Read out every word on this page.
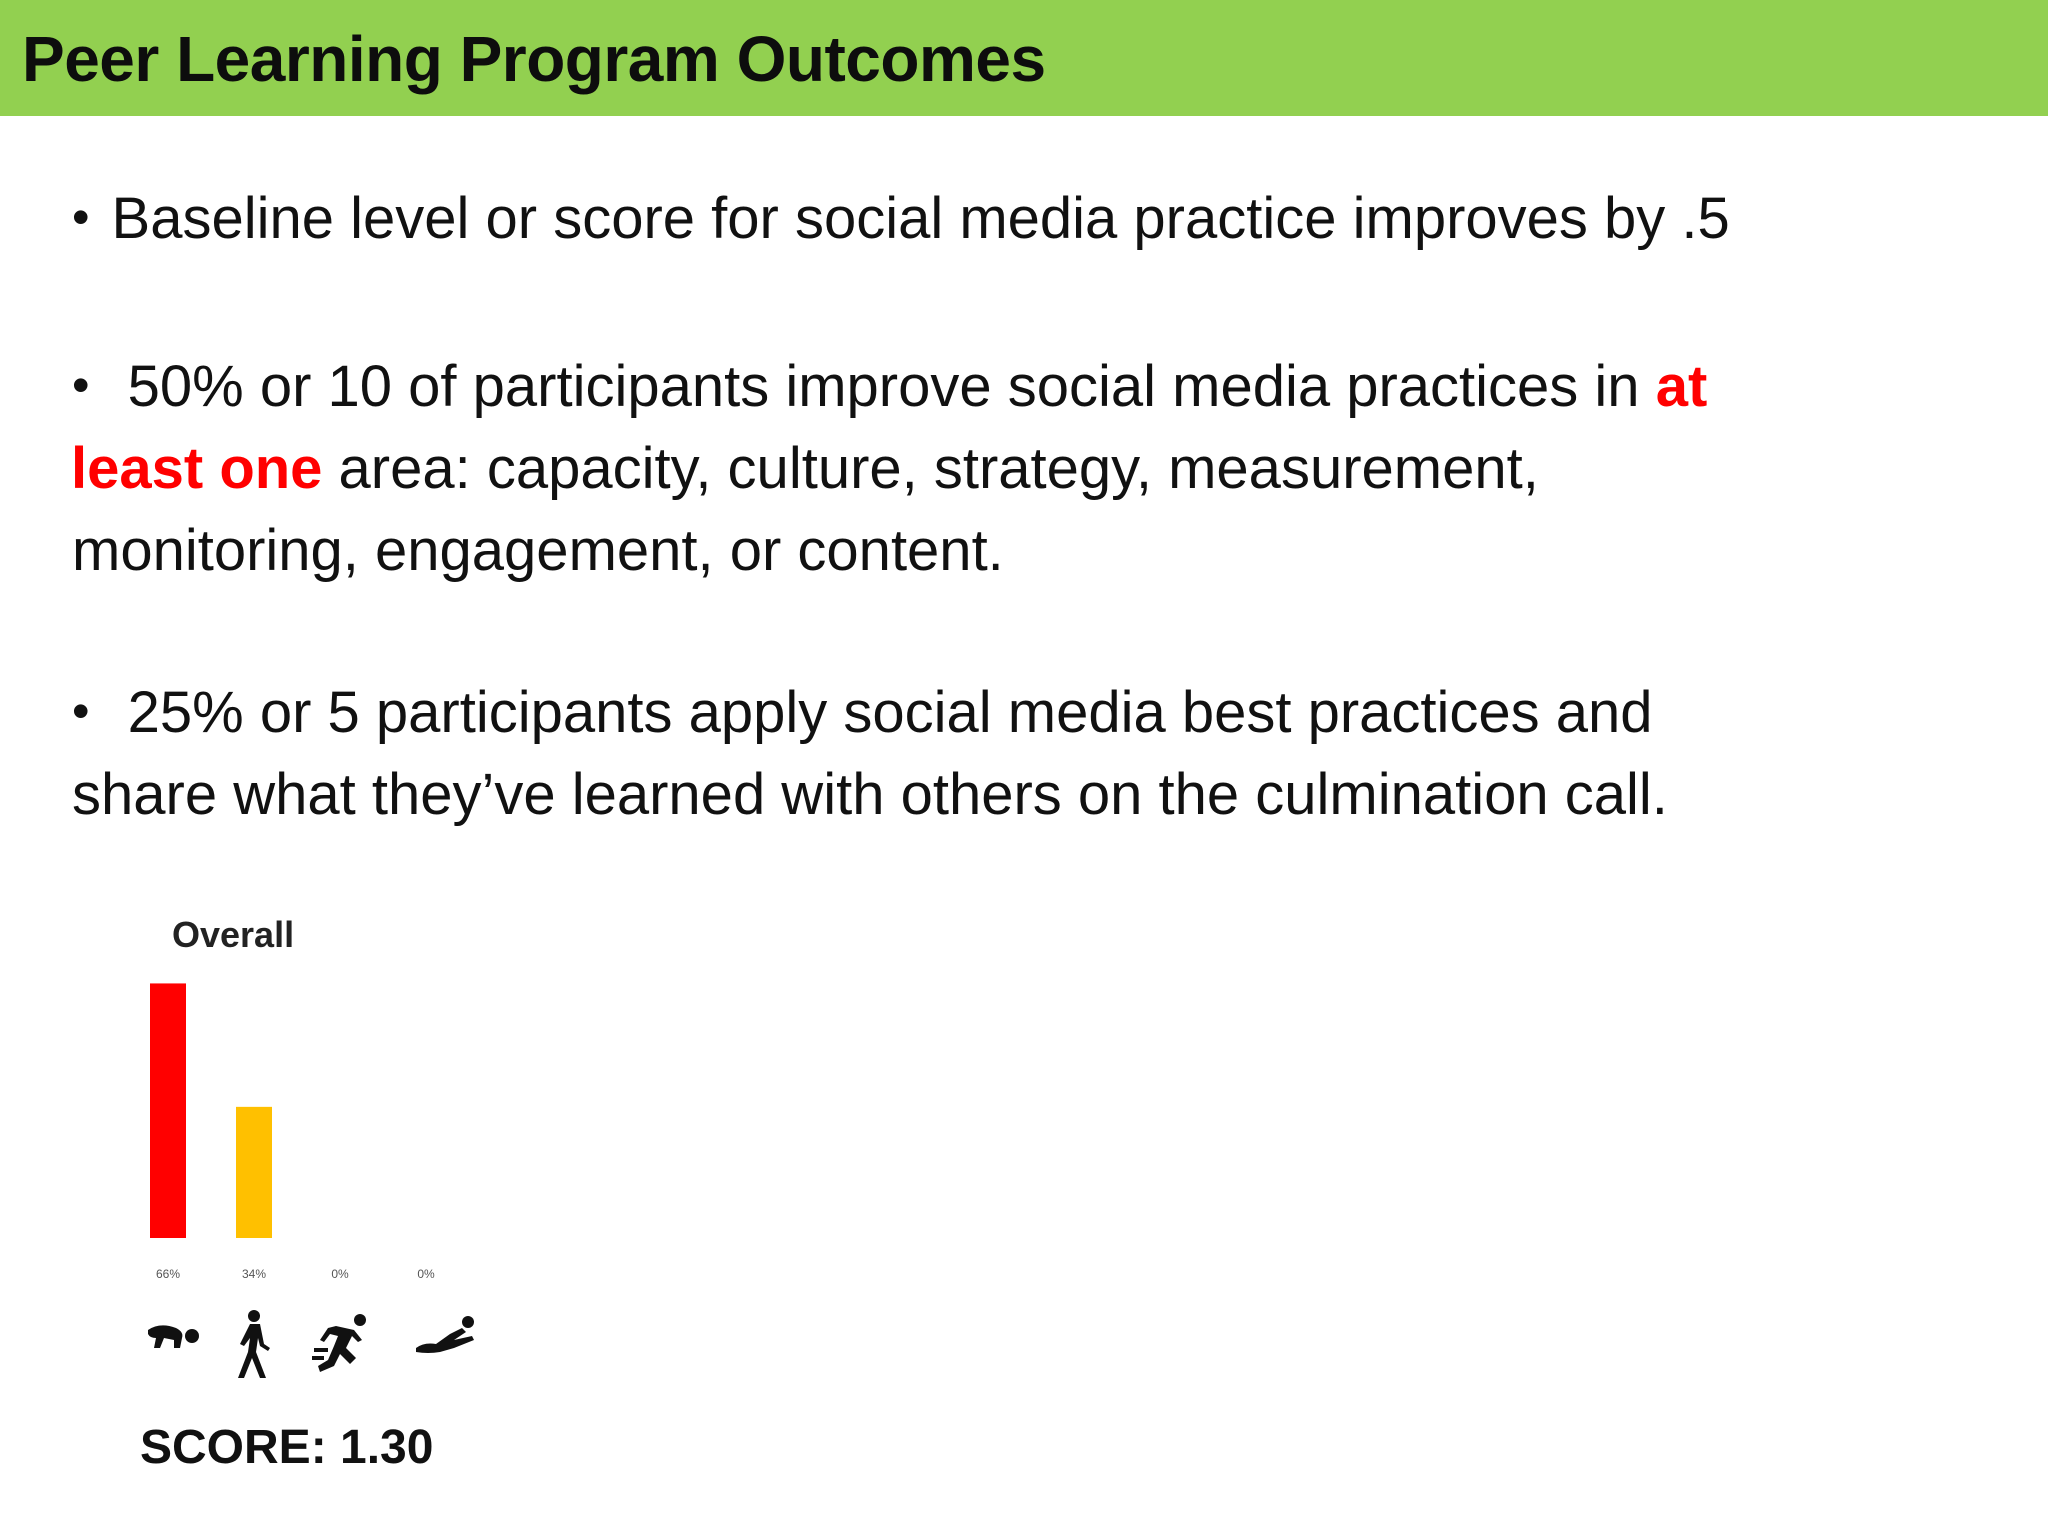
Peer Learning Program Outcomes
• Baseline level or score for social media practice improves by .5
• 50% or 10 of participants improve social media practices in at
least one area: capacity, culture, strategy, measurement,
monitoring, engagement, or content.
• 25% or 5 participants apply social media best practices and
share what they’ve learned with others on the culmination call.
Overall
66%	34%	0%	0%
SCORE: 1.30
